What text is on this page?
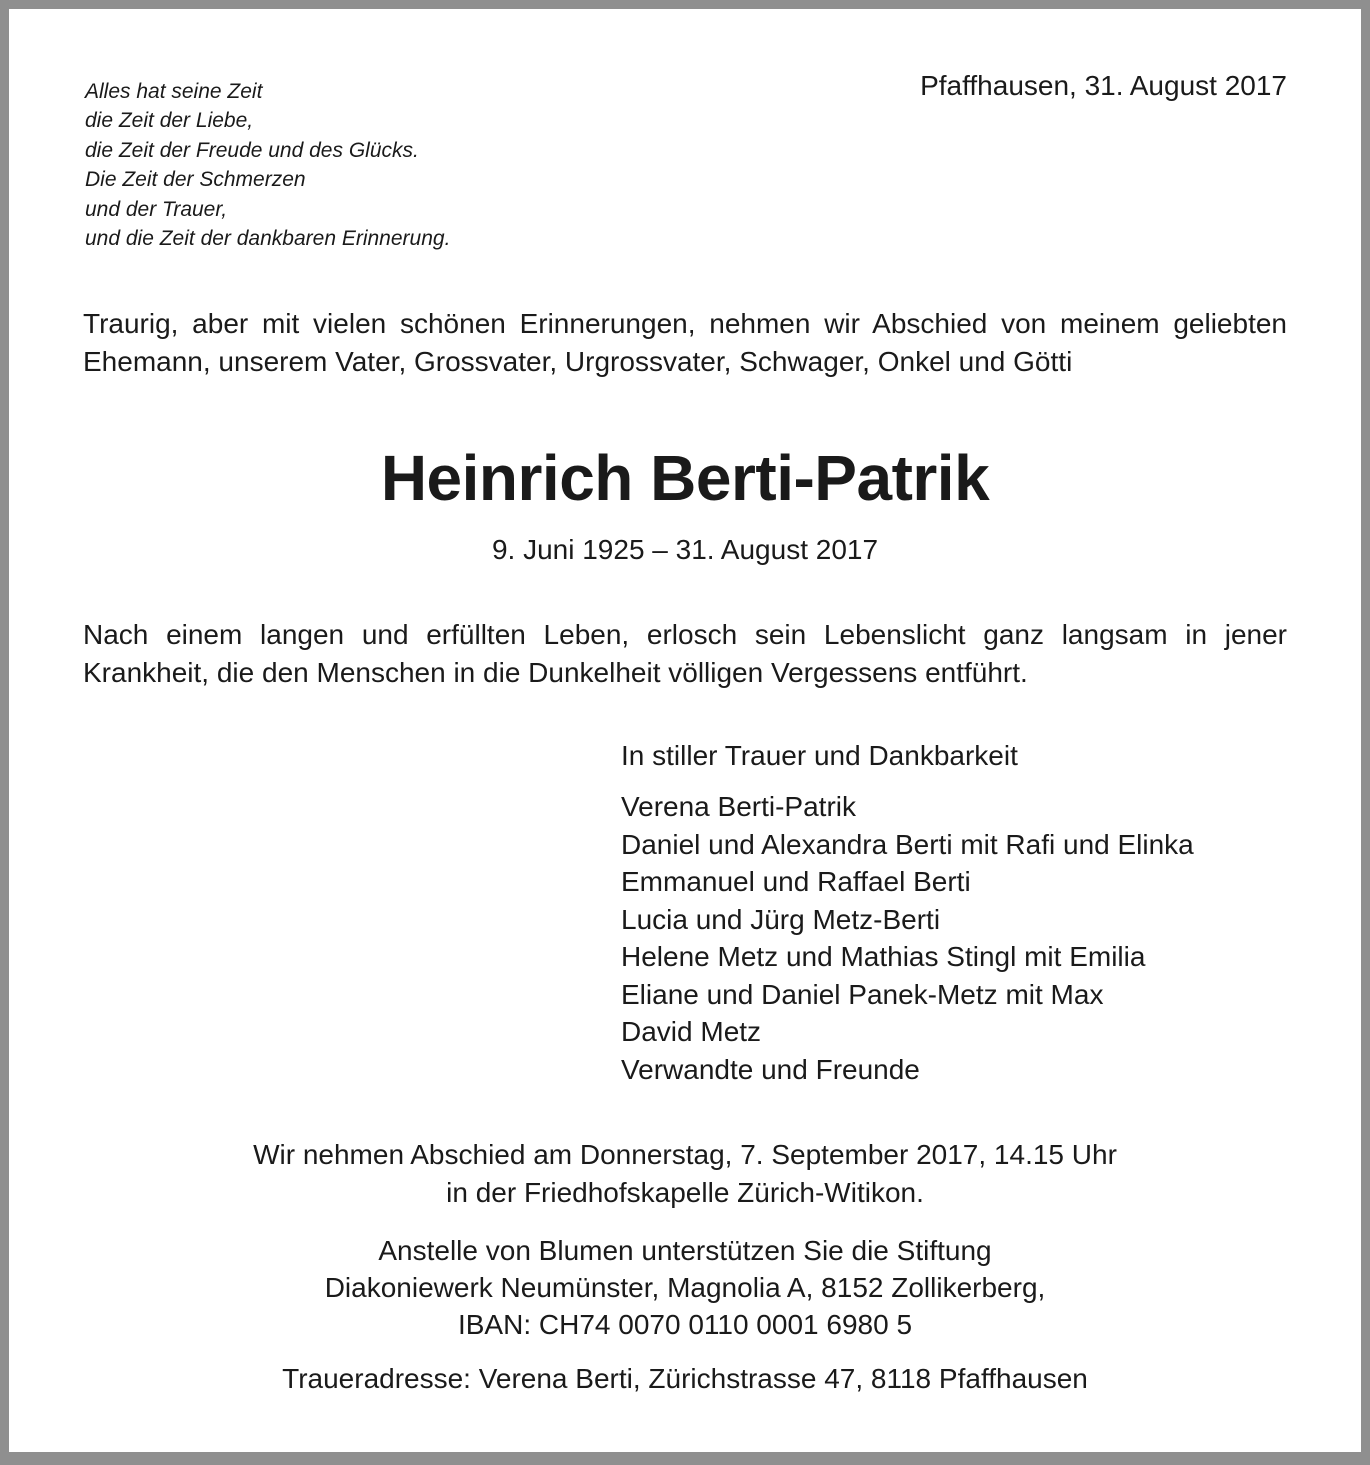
Alles hat seine Zeit
die Zeit der Liebe,
die Zeit der Freude und des Glücks.
Die Zeit der Schmerzen
und der Trauer,
und die Zeit der dankbaren Erinnerung.
Pfaffhausen, 31. August 2017
Traurig, aber mit vielen schönen Erinnerungen, nehmen wir Abschied von meinem geliebten Ehemann, unserem Vater, Grossvater, Urgrossvater, Schwager, Onkel und Götti
Heinrich Berti-Patrik
9. Juni 1925 – 31. August 2017
Nach einem langen und erfüllten Leben, erlosch sein Lebenslicht ganz langsam in jener Krankheit, die den Menschen in die Dunkelheit völligen Vergessens entführt.
In stiller Trauer und Dankbarkeit
Verena Berti-Patrik
Daniel und Alexandra Berti mit Rafi und Elinka
Emmanuel und Raffael Berti
Lucia und Jürg Metz-Berti
Helene Metz und Mathias Stingl mit Emilia
Eliane und Daniel Panek-Metz mit Max
David Metz
Verwandte und Freunde
Wir nehmen Abschied am Donnerstag, 7. September 2017, 14.15 Uhr
in der Friedhofskapelle Zürich-Witikon.
Anstelle von Blumen unterstützen Sie die Stiftung
Diakoniewerk Neumünster, Magnolia A, 8152 Zollikerberg,
IBAN: CH74 0070 0110 0001 6980 5
Traueradresse: Verena Berti, Zürichstrasse 47, 8118 Pfaffhausen
